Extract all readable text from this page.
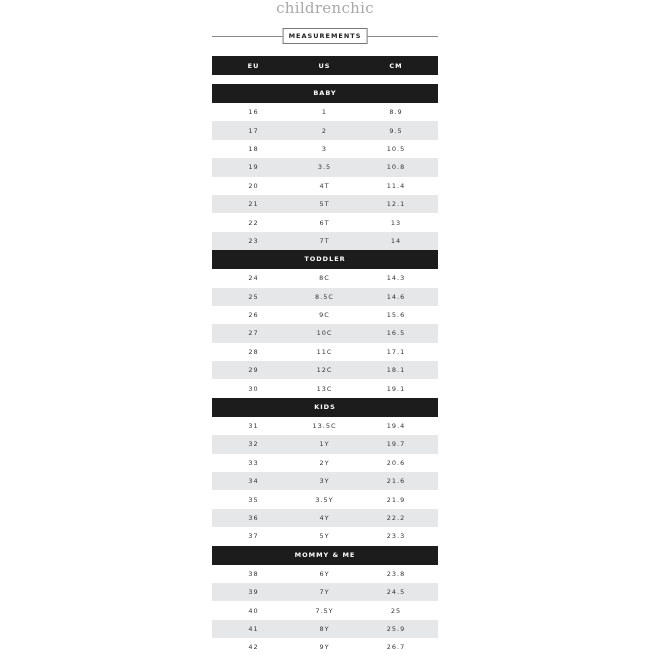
childrenchic
MEASUREMENTS
EU	US	CM
BABY
16	1	8.9
17	2	9.5
18	3	10.5
19	3.5	10.8
20	4T	11.4
21	5T	12.1
22	6T	13
23	7T	14
TODDLER
24	8C	14.3
25	8.5C	14.6
26	9C	15.6
27	10C	16.5
28	11C	17.1
29	12C	18.1
30	13C	19.1
KIDS
31	13.5C	19.4
32	1Y	19.7
33	2Y	20.6
34	3Y	21.6
35	3.5Y	21.9
36	4Y	22.2
37	5Y	23.3
MOMMY & ME
38	6Y	23.8
39	7Y	24.5
40	7.5Y	25
41	8Y	25.9
42	9Y	26.7
